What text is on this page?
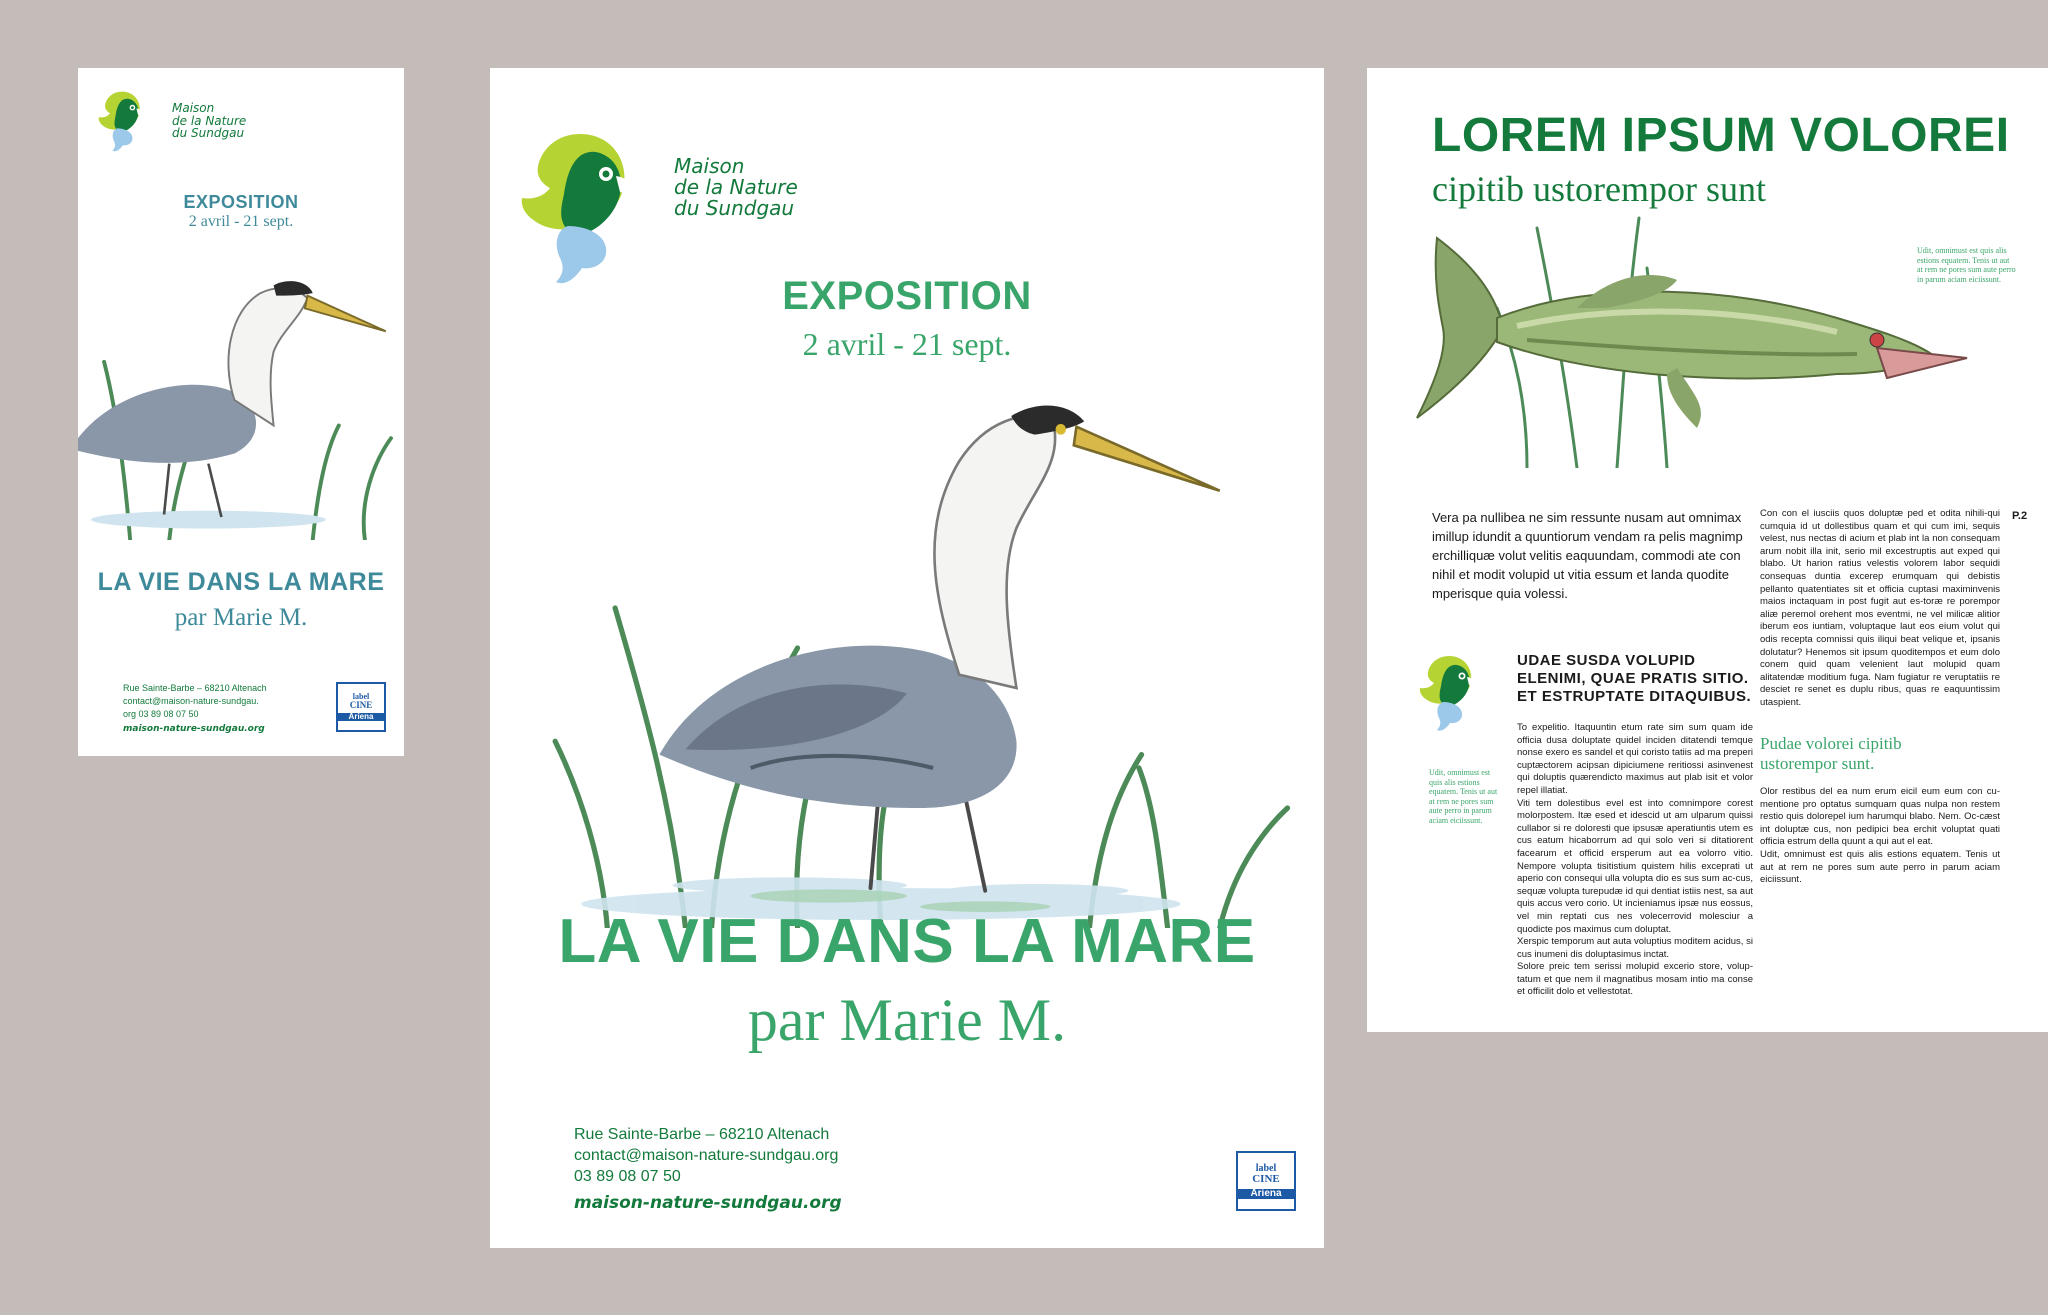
Maison
de la Nature
du Sundgau
EXPOSITION
2 avril - 21 sept.
LA VIE DANS LA MARE
par Marie M.
Rue Sainte-Barbe – 68210 Altenach
contact@maison-nature-sundgau.
org 03 89 08 07 50
maison-nature-sundgau.org
label
CINE
Ariena
Maison
de la Nature
du Sundgau
EXPOSITION
2 avril - 21 sept.
LA VIE DANS LA MARE
par Marie M.
Rue Sainte-Barbe – 68210 Altenach
contact@maison-nature-sundgau.org
03 89 08 07 50
maison-nature-sundgau.org
label
CINE
Ariena
LOREM IPSUM VOLOREI
cipitib ustorempor sunt
Udit, omnimust est quis alis estions equatem. Tenis ut aut at rem ne pores sum aute perro in parum aciam eiciissunt.
P.2
Vera pa nullibea ne sim ressunte nusam aut omnimax imillup idundit a quuntiorum vendam ra pelis magnimp erchilliquæ volut velitis eaquundam, commodi ate con nihil et modit volupid ut vitia essum et landa quodite mperisque quia volessi.
UDAE SUSDA VOLUPID ELENIMI, QUAE PRATIS SITIO. ET ESTRUPTATE DITAQUIBUS.
Udit, omnimust est quis alis estions equatem. Tenis ut aut at rem ne pores sum aute perro in parum aciam eiciissunt.
To expelitio. Itaquuntin etum rate sim sum quam ide officia dusa doluptate quidel inciden ditatendi temque nonse exero es sandel et qui coristo tatiis ad ma preperi cuptæctorem acipsan dipiciumene reritiossi asinvenest qui doluptis quærendicto maximus aut plab isit et volor repel illatiat.
Viti tem dolestibus evel est into comnimpore corest molorpostem. Itæ esed et idescid ut am ulparum quissi cullabor si re doloresti que ipsusæ aperatiuntis utem es cus eatum hicaborrum ad qui solo veri si ditatiorent facearum et officid ersperum aut ea volorro vitio. Nempore volupta tisitistium quistem hilis exceprati ut aperio con consequi ulla volupta dio es sus sum ac-cus, sequæ volupta turepudæ id qui dentiat istiis nest, sa aut quis accus vero corio. Ut incieniamus ipsæ nus eossus, vel min reptati cus nes volecerrovid molesciur a quodicte pos maximus cum doluptat.
Xerspic temporum aut auta voluptius moditem acidus, si cus inumeni dis doluptasimus inctat.
Solore preic tem serissi molupid excerio store, volup-tatum et que nem il magnatibus mosam intio ma conse et officilit dolo et vellestotat.
Con con el iusciis quos doluptæ ped et odita nihili-qui cumquia id ut dollestibus quam et qui cum imi, sequis velest, nus nectas di acium et plab int la non consequam arum nobit illa init, serio mil excestruptis aut exped qui blabo. Ut harion ratius velestis volorem labor sequidi consequas duntia excerep erumquam qui debistis pellanto quatentiates sit et officia cuptasi maximinvenis maios inctaquam in post fugit aut es-toræ re porempor aliæ peremol orehent mos eventmi, ne vel milicæ alitior iberum eos iuntiam, voluptaque laut eos eium volut qui odis recepta comnissi quis iliqui beat velique et, ipsanis dolutatur? Henemos sit ipsum quoditempos et eum dolo conem quid quam velenient laut molupid quam alitatendæ moditium fuga. Nam fugiatur re veruptatiis re desciet re senet es duplu ribus, quas re eaquuntissim utaspient.
Pudae volorei cipitib ustorempor sunt.
Olor restibus del ea num erum eicil eum eum con cu-mentione pro optatus sumquam quas nulpa non restem restio quis dolorepel ium harumqui blabo. Nem. Oc-cæst int doluptæ cus, non pedipici bea erchit voluptat quati officia estrum della quunt a qui aut el eat.
Udit, omnimust est quis alis estions equatem. Tenis ut aut at rem ne pores sum aute perro in parum aciam eiciissunt.
